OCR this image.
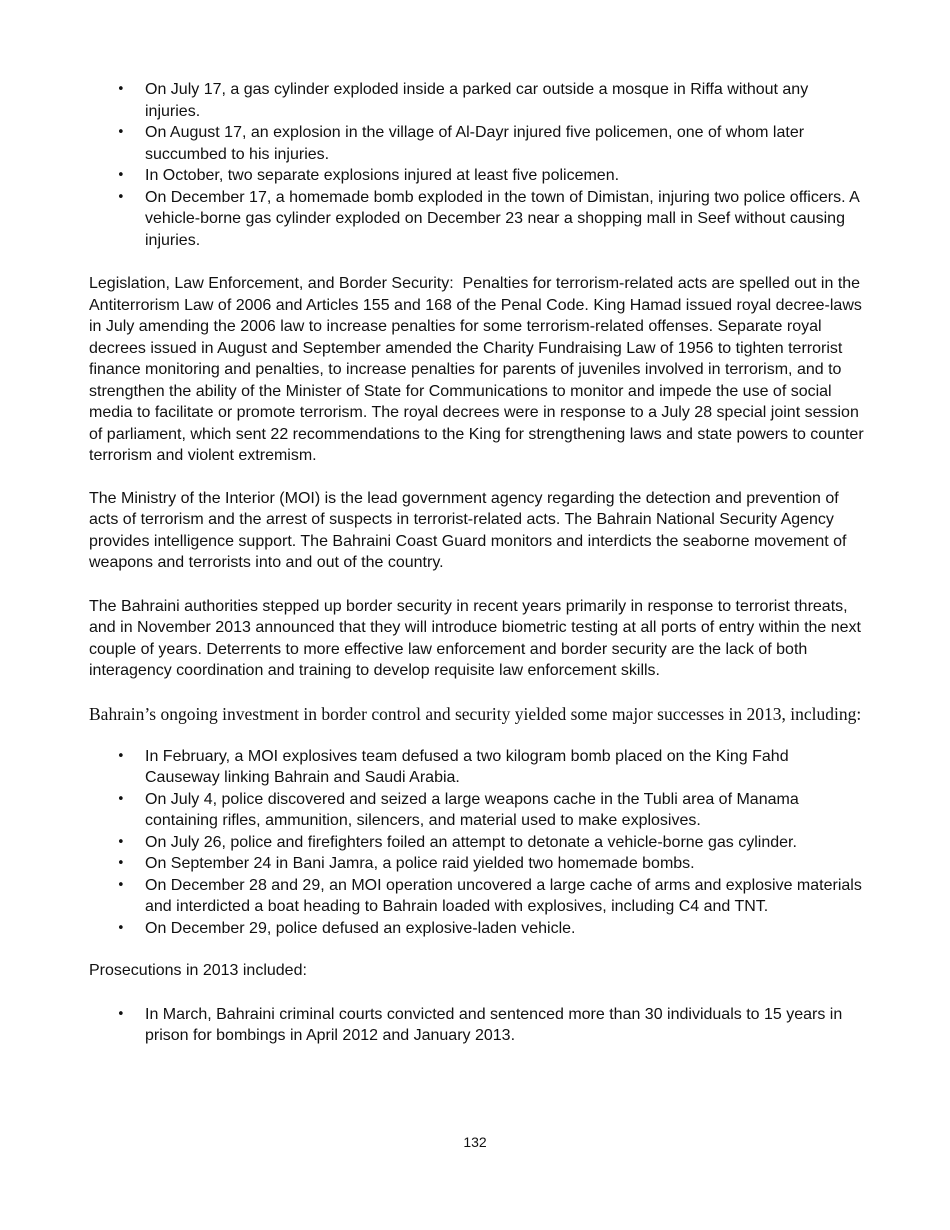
• On July 17, a gas cylinder exploded inside a parked car outside a mosque in Riffa without any injuries.
• On August 17, an explosion in the village of Al-Dayr injured five policemen, one of whom later succumbed to his injuries.
• In October, two separate explosions injured at least five policemen.
• On December 17, a homemade bomb exploded in the town of Dimistan, injuring two police officers. A vehicle-borne gas cylinder exploded on December 23 near a shopping mall in Seef without causing injuries.

Legislation, Law Enforcement, and Border Security: Penalties for terrorism-related acts are spelled out in the Antiterrorism Law of 2006 and Articles 155 and 168 of the Penal Code. King Hamad issued royal decree-laws in July amending the 2006 law to increase penalties for some terrorism-related offenses. Separate royal decrees issued in August and September amended the Charity Fundraising Law of 1956 to tighten terrorist finance monitoring and penalties, to increase penalties for parents of juveniles involved in terrorism, and to strengthen the ability of the Minister of State for Communications to monitor and impede the use of social media to facilitate or promote terrorism. The royal decrees were in response to a July 28 special joint session of parliament, which sent 22 recommendations to the King for strengthening laws and state powers to counter terrorism and violent extremism.

The Ministry of the Interior (MOI) is the lead government agency regarding the detection and prevention of acts of terrorism and the arrest of suspects in terrorist-related acts. The Bahrain National Security Agency provides intelligence support. The Bahraini Coast Guard monitors and interdicts the seaborne movement of weapons and terrorists into and out of the country.

The Bahraini authorities stepped up border security in recent years primarily in response to terrorist threats, and in November 2013 announced that they will introduce biometric testing at all ports of entry within the next couple of years. Deterrents to more effective law enforcement and border security are the lack of both interagency coordination and training to develop requisite law enforcement skills.

Bahrain’s ongoing investment in border control and security yielded some major successes in 2013, including:

• In February, a MOI explosives team defused a two kilogram bomb placed on the King Fahd Causeway linking Bahrain and Saudi Arabia.
• On July 4, police discovered and seized a large weapons cache in the Tubli area of Manama containing rifles, ammunition, silencers, and material used to make explosives.
• On July 26, police and firefighters foiled an attempt to detonate a vehicle-borne gas cylinder.
• On September 24 in Bani Jamra, a police raid yielded two homemade bombs.
• On December 28 and 29, an MOI operation uncovered a large cache of arms and explosive materials and interdicted a boat heading to Bahrain loaded with explosives, including C4 and TNT.
• On December 29, police defused an explosive-laden vehicle.

Prosecutions in 2013 included:

• In March, Bahraini criminal courts convicted and sentenced more than 30 individuals to 15 years in prison for bombings in April 2012 and January 2013.
132
